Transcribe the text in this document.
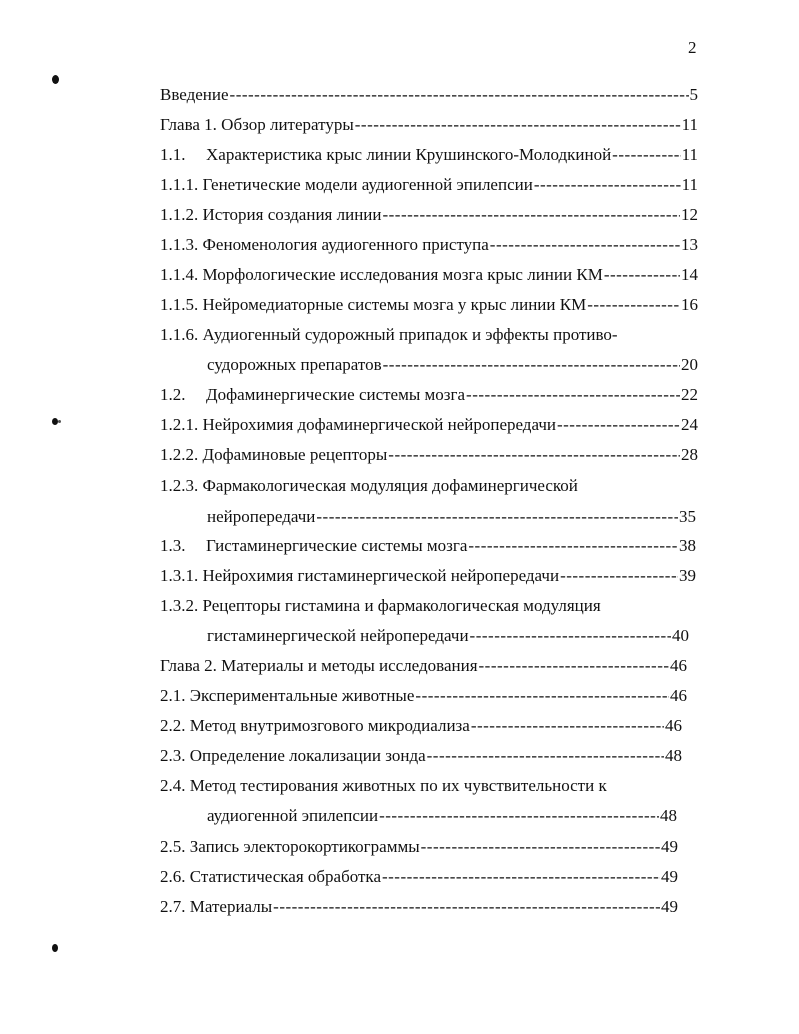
2
Введение -----	5
Глава 1. Обзор литературы -----	11
1.1.	Характеристика крыс линии Крушинского-Молодкиной -----	11
1.1.1. Генетические модели аудиогенной эпилепсии -----	11
1.1.2. История создания линии -----	12
1.1.3. Феноменология аудиогенного приступа -----	13
1.1.4. Морфологические исследования мозга крыс линии КМ -----	14
1.1.5. Нейромедиаторные системы мозга у крыс линии КМ -----	16
1.1.6. Аудиогенный судорожный припадок и эффекты противо-
судорожных препаратов -----	20
1.2.	Дофаминергические системы мозга -----	22
1.2.1. Нейрохимия дофаминергической нейропередачи -----	24
1.2.2. Дофаминовые рецепторы -----	28
1.2.3. Фармакологическая модуляция дофаминергической
нейропередачи -----	35
1.3.	Гистаминергические системы мозга -----	38
1.3.1. Нейрохимия гистаминергической нейропередачи -----	39
1.3.2. Рецепторы гистамина и фармакологическая модуляция
гистаминергической нейропередачи -----	40
Глава 2. Материалы и методы исследования -----	46
2.1. Экспериментальные животные -----	46
2.2. Метод внутримозгового микродиализа -----	46
2.3. Определение локализации зонда -----	48
2.4. Метод тестирования животных по их чувствительности к
аудиогенной эпилепсии -----	48
2.5. Запись электорокортикограммы -----	49
2.6. Статистическая обработка -----	49
2.7. Материалы -----	49
